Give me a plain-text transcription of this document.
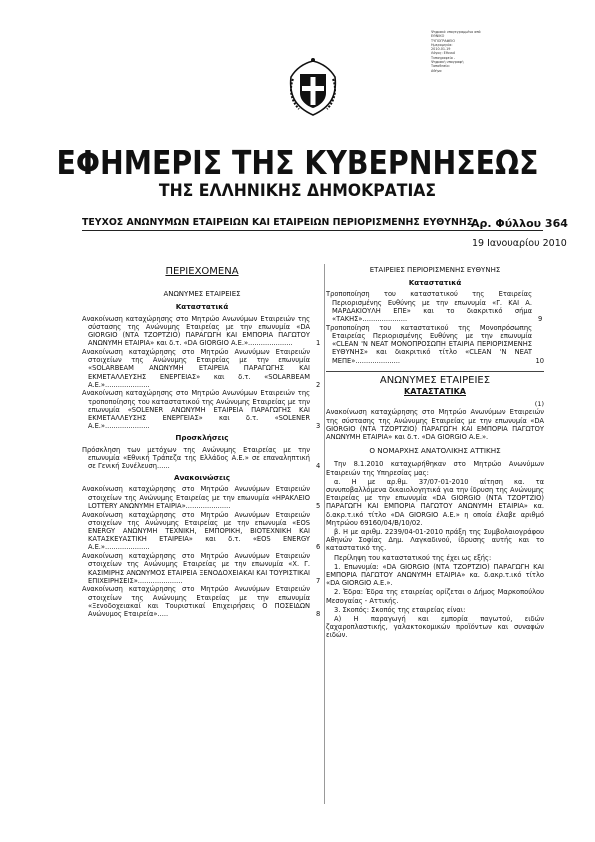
Ψηφιακά υπογεγραμμένο από
ΕΘΝΙΚΟ
ΤΥΠΟΓΡΑΦΕΙΟ
Ημερομηνία:
2010.01.19
Λόγος: Εθνικό
Τυπογραφείο -
Ψηφιακή υπογραφή
Τοποθεσία:
Αθήνα
ΕΦΗΜΕΡΙΣ ΤΗΣ ΚΥΒΕΡΝΗΣΕΩΣ
ΤΗΣ ΕΛΛΗΝΙΚΗΣ ΔΗΜΟΚΡΑΤΙΑΣ
ΤΕΥΧΟΣ ΑΝΩΝΥΜΩΝ ΕΤΑΙΡΕΙΩΝ ΚΑΙ ΕΤΑΙΡΕΙΩΝ ΠΕΡΙΟΡΙΣΜΕΝΗΣ ΕΥΘΥΝΗΣ
Αρ. Φύλλου 364
19 Ιανουαρίου 2010
ΠΕΡΙΕΧΟΜΕΝΑ
ΑΝΩΝΥΜΕΣ ΕΤΑΙΡΕΙΕΣ
Καταστατικά
Ανακοίνωση καταχώρησης στο Μητρώο Ανωνύμων Εταιρειών της σύστασης της Ανώνυμης Εταιρείας με την επωνυμία «DA GIORGIO (ΝΤΑ ΤΖΟΡΤΖΙΟ) ΠΑΡΑΓΩΓΗ ΚΑΙ ΕΜΠΟΡΙΑ ΠΑΓΩΤΟΥ ΑΝΩΝΥΜΗ ΕΤΑΙΡΙΑ» και δ.τ. «DA GIORGIO A.E.».....................	1
Ανακοίνωση καταχώρησης στο Μητρώο Ανωνύμων Εταιρειών στοιχείων της Ανώνυμης Εταιρείας με την επωνυμία «SOLARBEAM ΑΝΩΝΥΜΗ ΕΤΑΙΡΕΙΑ ΠΑΡΑΓΩΓΗΣ ΚΑΙ ΕΚΜΕΤΑΛΛΕΥΣΗΣ ΕΝΕΡΓΕΙΑΣ» και δ.τ. «SOLARBEAM A.E.».....................	2
Ανακοίνωση καταχώρησης στο Μητρώο Ανωνύμων Εταιρειών της τροποποίησης του καταστατικού της Ανώνυμης Εταιρείας με την επωνυμία «SOLENER ΑΝΩΝΥΜΗ ΕΤΑΙΡΕΙΑ ΠΑΡΑΓΩΓΗΣ ΚΑΙ ΕΚΜΕΤΑΛΛΕΥΣΗΣ ΕΝΕΡΓΕΙΑΣ» και δ.τ. «SOLENER A.E.».....................	3
Προσκλήσεις
Πρόσκληση των μετόχων της Ανώνυμης Εταιρείας με την επωνυμία «Εθνική Τράπεζα της Ελλάδος Α.Ε.» σε επαναληπτική σε Γενική Συνέλευση......	4
Ανακοινώσεις
Ανακοίνωση καταχώρησης στο Μητρώο Ανωνύμων Εταιρειών στοιχείων της Ανώνυμης Εταιρείας με την επωνυμία «ΗΡΑΚΛΕΙΟ LOTTERY ΑΝΩΝΥΜΗ ΕΤΑΙΡΙΑ».....................	5
Ανακοίνωση καταχώρησης στο Μητρώο Ανωνύμων Εταιρειών στοιχείων της Ανώνυμης Εταιρείας με την επωνυμία «EOS ENERGY ΑΝΩΝΥΜΗ ΤΕΧΝΙΚΗ, ΕΜΠΟΡΙΚΗ, ΒΙΟΤΕΧΝΙΚΗ ΚΑΙ ΚΑΤΑΣΚΕΥΑΣΤΙΚΗ ΕΤΑΙΡΕΙΑ» και δ.τ. «EOS ENERGY A.E.».....................	6
Ανακοίνωση καταχώρησης στο Μητρώο Ανωνύμων Εταιρειών στοιχείων της Ανώνυμης Εταιρείας με την επωνυμία «Χ. Γ. ΚΑΣΙΜΙΡΗΣ ΑΝΩΝΥΜΟΣ ΕΤΑΙΡΕΙΑ ΞΕΝΟΔΟΧΕΙΑΚΑΙ ΚΑΙ ΤΟΥΡΙΣΤΙΚΑΙ ΕΠΙΧΕΙΡΗΣΕΙΣ».....................	7
Ανακοίνωση καταχώρησης στο Μητρώο Ανωνύμων Εταιρειών στοιχείων της Ανώνυμης Εταιρείας με την επωνυμία «Ξενοδοχειακαί και Τουριστικαί Επιχειρήσεις Ο ΠΟΣΕΙΔΩΝ Ανώνυμος Εταιρεία».....	8
ΕΤΑΙΡΕΙΕΣ ΠΕΡΙΟΡΙΣΜΕΝΗΣ ΕΥΘΥΝΗΣ
Καταστατικά
Τροποποίηση του καταστατικού της Εταιρείας Περιορισμένης Ευθύνης με την επωνυμία «Γ. ΚΑΙ Α. ΜΑΡΔΑΚΙΟΥΛΗ ΕΠΕ» και το διακριτικό σήμα «ΤΑΚΗΣ».....................	9
Τροποποίηση του καταστατικού της Μονοπρόσωπης Εταιρείας Περιορισμένης Ευθύνης με την επωνυμία «CLEAN 'N NEAT ΜΟΝΟΠΡΟΣΩΠΗ ΕΤΑΙΡΙΑ ΠΕΡΙΟΡΙΣΜΕΝΗΣ ΕΥΘΥΝΗΣ» και διακριτικό τίτλο «CLEAN 'N NEAT ΜΕΠΕ».....................	10
ΑΝΩΝΥΜΕΣ ΕΤΑΙΡΕΙΕΣ
ΚΑΤΑΣΤΑΤΙΚΑ
(1)
Ανακοίνωση καταχώρησης στο Μητρώο Ανωνύμων Εταιρειών της σύστασης της Ανώνυμης Εταιρείας με την επωνυμία «DA GIORGIO (ΝΤΑ ΤΖΟΡΤΖΙΟ) ΠΑΡΑΓΩΓΗ ΚΑΙ ΕΜΠΟΡΙΑ ΠΑΓΩΤΟΥ ΑΝΩΝΥΜΗ ΕΤΑΙΡΙΑ» και δ.τ. «DA GIORGIO A.E.».
Ο ΝΟΜΑΡΧΗΣ ΑΝΑΤΟΛΙΚΗΣ ΑΤΤΙΚΗΣ
Την 8.1.2010 καταχωρήθηκαν στο Μητρώο Ανωνύμων Εταιρειών της Υπηρεσίας μας:
α. Η με αρ.θμ. 37/07-01-2010 αίτηση κα. τα συνυποβαλλόμενα δικαιολογητικά για την ίδρυση της Ανώνυμης Εταιρείας με την επωνυμία «DA GIORGIO (ΝΤΑ ΤΖΟΡΤΖΙΟ) ΠΑΡΑΓΩΓΗ ΚΑΙ ΕΜΠΟΡΙΑ ΠΑΓΩΤΟΥ ΑΝΩΝΥΜΗ ΕΤΑΙΡΙΑ» κα. δ.ακρ.τ.ικό τίτλο «DA GIORGIO A.E.» η οποία έλαβε αριθμό Μητρώου 69160/04/Β/10/02.
β. Η με αριθμ. 2239/04-01-2010 πράξη της Συμβολαιογράφου Αθηνών Σοφίας Δημ. Λαγκαδινού, ίδρυσης αυτής και το καταστατικό της.
Περίληψη του καταστατικού της έχει ως εξής:
1. Επωνυμία: «DA GIORGIO (ΝΤΑ ΤΖΟΡΤΖΙΟ) ΠΑΡΑΓΩΓΗ ΚΑΙ ΕΜΠΟΡΙΑ ΠΑΓΩΤΟΥ ΑΝΩΝΥΜΗ ΕΤΑΙΡΙΑ» κα. δ.ακρ.τ.ικό τίτλο «DA GIORGIO A.E.».
2. Έδρα: Έδρα της εταιρείας ορίζεται ο Δήμος Μαρκοπούλου Μεσογαίας - Αττικής.
3. Σκοπός: Σκοπός της εταιρείας είναι:
Α) Η παραγωγή και εμπορία παγωτού, ειδών ζαχαροπλαστικής, γαλακτοκομικών προϊόντων και συναφών ειδών.
